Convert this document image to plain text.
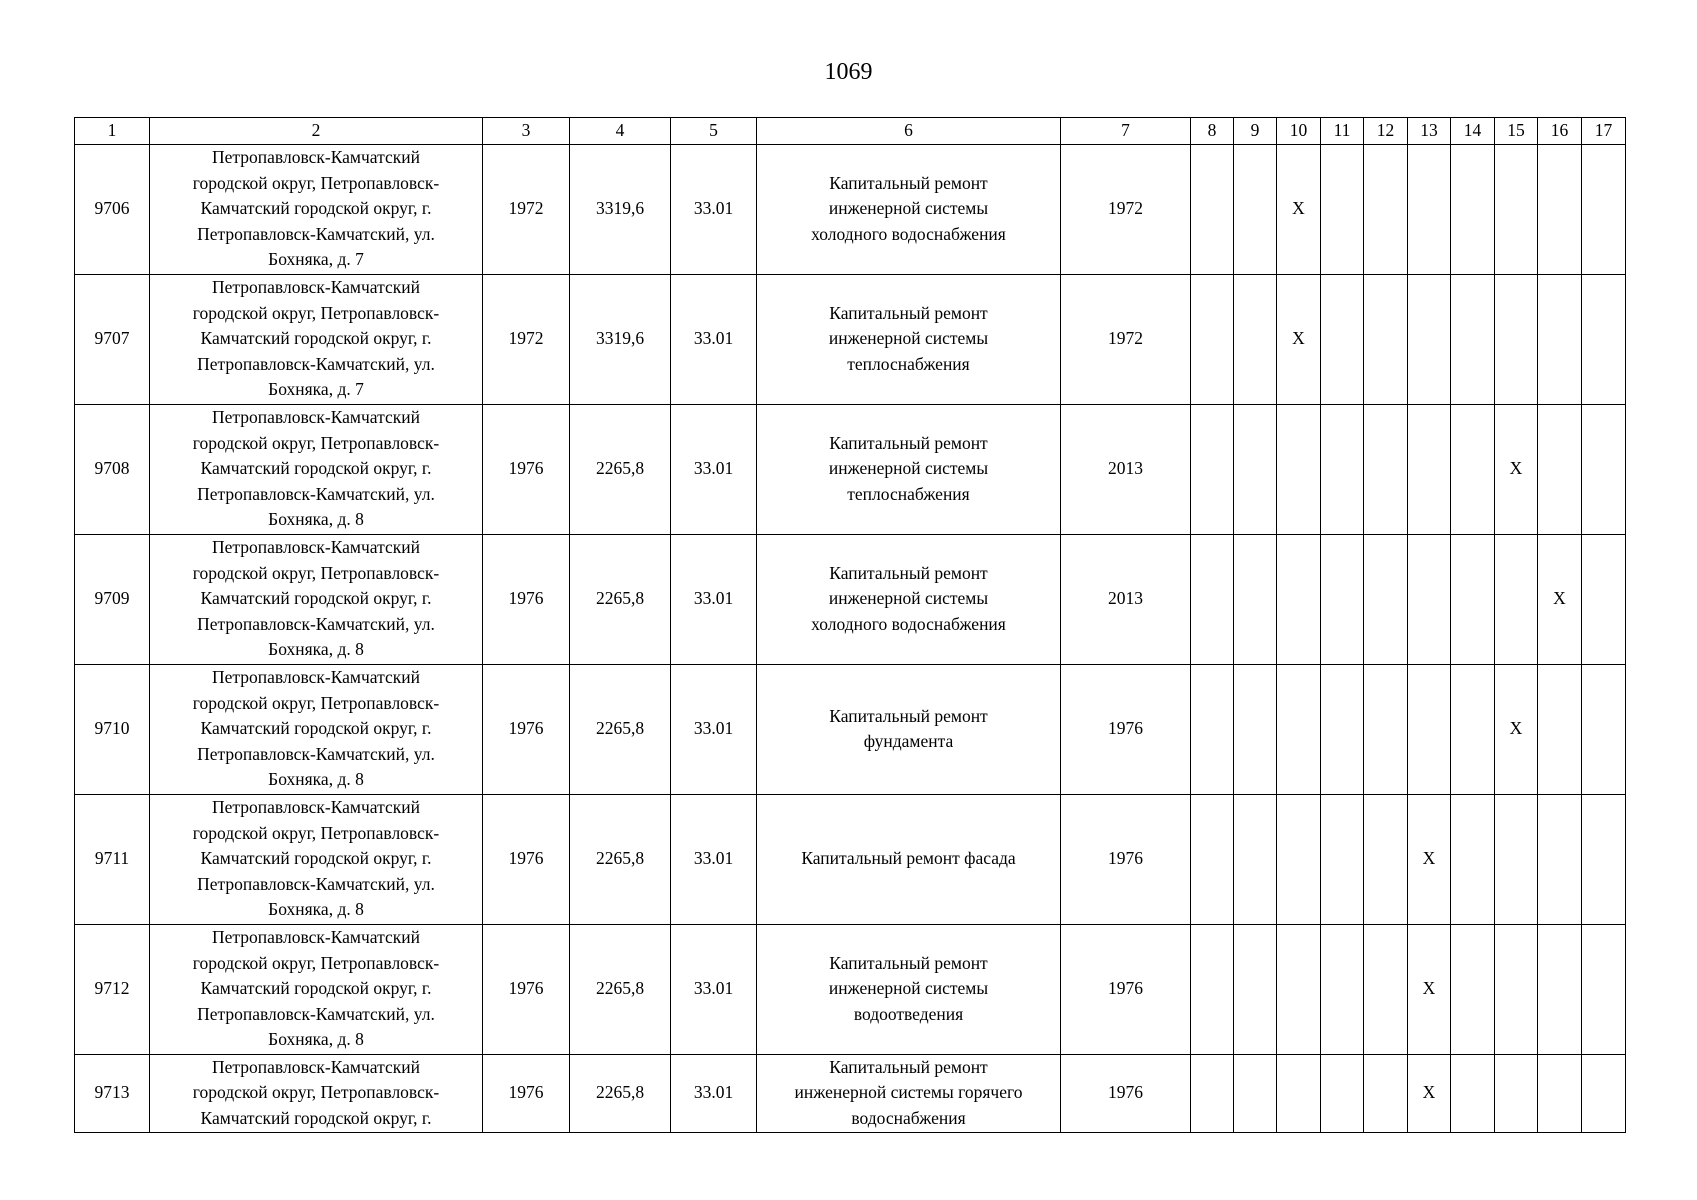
1069
1	2	3	4	5	6	7	8	9	10	11	12	13	14	15	16	17
9706	Петропавловск-Камчатский
городской округ, Петропавловск-
Камчатский городской округ, г.
Петропавловск-Камчатский, ул.
Бохняка, д. 7	1972	3319,6	33.01	Капитальный ремонт
инженерной системы
холодного водоснабжения	1972			X							
9707	Петропавловск-Камчатский
городской округ, Петропавловск-
Камчатский городской округ, г.
Петропавловск-Камчатский, ул.
Бохняка, д. 7	1972	3319,6	33.01	Капитальный ремонт
инженерной системы
теплоснабжения	1972			X							
9708	Петропавловск-Камчатский
городской округ, Петропавловск-
Камчатский городской округ, г.
Петропавловск-Камчатский, ул.
Бохняка, д. 8	1976	2265,8	33.01	Капитальный ремонт
инженерной системы
теплоснабжения	2013								X		
9709	Петропавловск-Камчатский
городской округ, Петропавловск-
Камчатский городской округ, г.
Петропавловск-Камчатский, ул.
Бохняка, д. 8	1976	2265,8	33.01	Капитальный ремонт
инженерной системы
холодного водоснабжения	2013									X	
9710	Петропавловск-Камчатский
городской округ, Петропавловск-
Камчатский городской округ, г.
Петропавловск-Камчатский, ул.
Бохняка, д. 8	1976	2265,8	33.01	Капитальный ремонт
фундамента	1976								X		
9711	Петропавловск-Камчатский
городской округ, Петропавловск-
Камчатский городской округ, г.
Петропавловск-Камчатский, ул.
Бохняка, д. 8	1976	2265,8	33.01	Капитальный ремонт фасада	1976						X				
9712	Петропавловск-Камчатский
городской округ, Петропавловск-
Камчатский городской округ, г.
Петропавловск-Камчатский, ул.
Бохняка, д. 8	1976	2265,8	33.01	Капитальный ремонт
инженерной системы
водоотведения	1976						X				
9713	Петропавловск-Камчатский
городской округ, Петропавловск-
Камчатский городской округ, г.	1976	2265,8	33.01	Капитальный ремонт
инженерной системы горячего
водоснабжения	1976						X				
